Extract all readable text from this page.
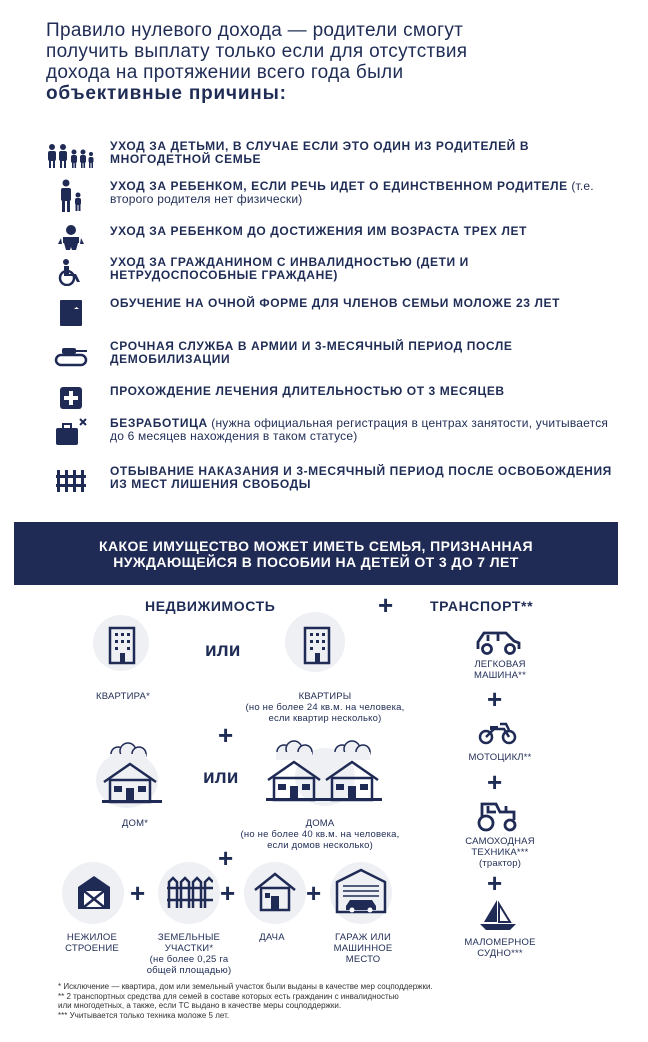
Правило нулевого дохода — родители смогут
получить выплату только если для отсутствия
дохода на протяжении всего года были
объективные причины:
УХОД ЗА ДЕТЬМИ, В СЛУЧАЕ ЕСЛИ ЭТО ОДИН ИЗ РОДИТЕЛЕЙ В МНОГОДЕТНОЙ СЕМЬЕ
УХОД ЗА РЕБЕНКОМ, ЕСЛИ РЕЧЬ ИДЕТ О ЕДИНСТВЕННОМ РОДИТЕЛЕ (т.е. второго родителя нет физически)
УХОД ЗА РЕБЕНКОМ ДО ДОСТИЖЕНИЯ ИМ ВОЗРАСТА ТРЕХ ЛЕТ
УХОД ЗА ГРАЖДАНИНОМ С ИНВАЛИДНОСТЬЮ (ДЕТИ И НЕТРУДОСПОСОБНЫЕ ГРАЖДАНЕ)
ОБУЧЕНИЕ НА ОЧНОЙ ФОРМЕ ДЛЯ ЧЛЕНОВ СЕМЬИ МОЛОЖЕ 23 ЛЕТ
СРОЧНАЯ СЛУЖБА В АРМИИ И 3-МЕСЯЧНЫЙ ПЕРИОД ПОСЛЕ ДЕМОБИЛИЗАЦИИ
ПРОХОЖДЕНИЕ ЛЕЧЕНИЯ ДЛИТЕЛЬНОСТЬЮ ОТ 3 МЕСЯЦЕВ
БЕЗРАБОТИЦА (нужна официальная регистрация в центрах занятости, учитывается до 6 месяцев нахождения в таком статусе)
ОТБЫВАНИЕ НАКАЗАНИЯ И 3-МЕСЯЧНЫЙ ПЕРИОД ПОСЛЕ ОСВОБОЖДЕНИЯ ИЗ МЕСТ ЛИШЕНИЯ СВОБОДЫ
КАКОЕ ИМУЩЕСТВО МОЖЕТ ИМЕТЬ СЕМЬЯ, ПРИЗНАННАЯ
НУЖДАЮЩЕЙСЯ В ПОСОБИИ НА ДЕТЕЙ ОТ 3 ДО 7 ЛЕТ
НЕДВИЖИМОСТЬ	+	ТРАНСПОРТ**
КВАРТИРА*
или
КВАРТИРЫ
(но не более 24 кв.м. на человека,
если квартир несколько)
+
ДОМ*
или
ДОМА
(но не более 40 кв.м. на человека,
если домов несколько)
+
НЕЖИЛОЕ
СТРОЕНИЕ
+
ЗЕМЕЛЬНЫЕ
УЧАСТКИ*
(не более 0,25 га
общей площадью)
+
ДАЧА
+
ГАРАЖ ИЛИ
МАШИННОЕ
МЕСТО
ЛЕГКОВАЯ
МАШИНА**
+
МОТОЦИКЛ**
+
САМОХОДНАЯ
ТЕХНИКА***
(трактор)
+
МАЛОМЕРНОЕ
СУДНО***
* Исключение — квартира, дом или земельный участок были выданы в качестве мер соцподдержки.
** 2 транспортных средства для семей в составе которых есть гражданин с инвалидностью
или многодетных, а также, если ТС выдано в качестве меры соцподдержки.
*** Учитывается только техника моложе 5 лет.
